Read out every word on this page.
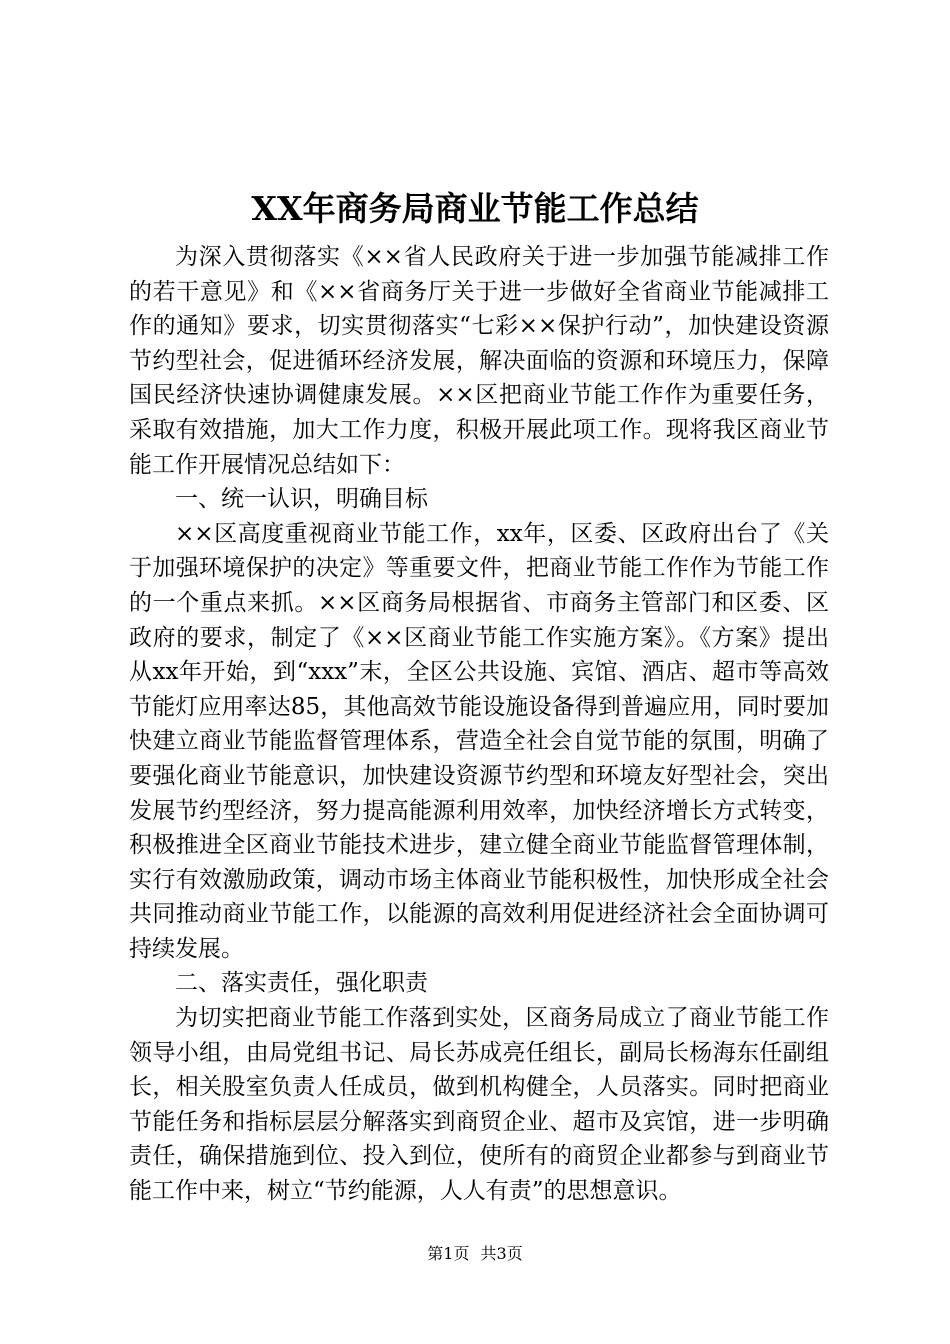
XX年商务局商业节能工作总结

为深入贯彻落实《××省人民政府关于进一步加强节能减排工作的若干意见》和《××省商务厅关于进一步做好全省商业节能减排工作的通知》要求，切实贯彻落实“七彩××保护行动”，加快建设资源节约型社会，促进循环经济发展，解决面临的资源和环境压力，保障国民经济快速协调健康发展。××区把商业节能工作作为重要任务，采取有效措施，加大工作力度，积极开展此项工作。现将我区商业节能工作开展情况总结如下：

一、统一认识，明确目标

××区高度重视商业节能工作，xx年，区委、区政府出台了《关于加强环境保护的决定》等重要文件，把商业节能工作作为节能工作的一个重点来抓。××区商务局根据省、市商务主管部门和区委、区政府的要求，制定了《××区商业节能工作实施方案》。《方案》提出从xx年开始，到“xxx”末，全区公共设施、宾馆、酒店、超市等高效节能灯应用率达85，其他高效节能设施设备得到普遍应用，同时要加快建立商业节能监督管理体系，营造全社会自觉节能的氛围，明确了要强化商业节能意识，加快建设资源节约型和环境友好型社会，突出发展节约型经济，努力提高能源利用效率，加快经济增长方式转变，积极推进全区商业节能技术进步，建立健全商业节能监督管理体制，实行有效激励政策，调动市场主体商业节能积极性，加快形成全社会共同推动商业节能工作，以能源的高效利用促进经济社会全面协调可持续发展。

二、落实责任，强化职责

为切实把商业节能工作落到实处，区商务局成立了商业节能工作领导小组，由局党组书记、局长苏成亮任组长，副局长杨海东任副组长，相关股室负责人任成员，做到机构健全，人员落实。同时把商业节能任务和指标层层分解落实到商贸企业、超市及宾馆，进一步明确责任，确保措施到位、投入到位，使所有的商贸企业都参与到商业节能工作中来，树立“节约能源，人人有责”的思想意识。

第1页 共3页
